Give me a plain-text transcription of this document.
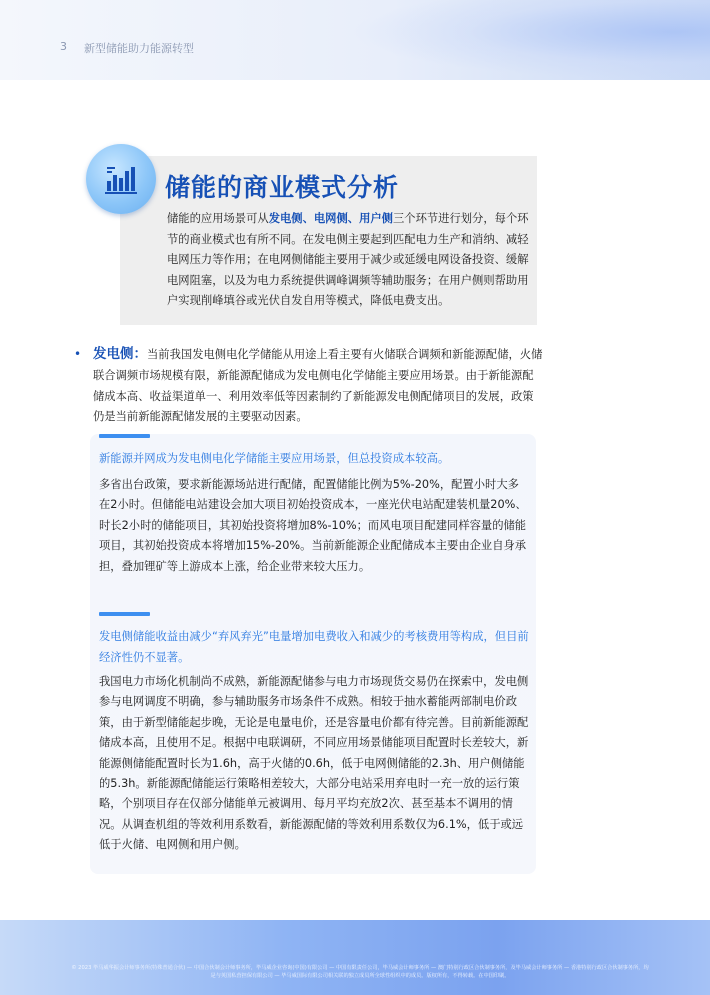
3 新型储能助力能源转型
储能的商业模式分析
储能的应用场景可从发电侧、电网侧、用户侧三个环节进行划分，每个环节的商业模式也有所不同。在发电侧主要起到匹配电力生产和消纳、减轻电网压力等作用；在电网侧储能主要用于减少或延缓电网设备投资、缓解电网阻塞，以及为电力系统提供调峰调频等辅助服务；在用户侧则帮助用户实现削峰填谷或光伏自发自用等模式，降低电费支出。
• 发电侧：当前我国发电侧电化学储能从用途上看主要有火储联合调频和新能源配储，火储联合调频市场规模有限，新能源配储成为发电侧电化学储能主要应用场景。由于新能源配储成本高、收益渠道单一、利用效率低等因素制约了新能源发电侧配储项目的发展，政策仍是当前新能源配储发展的主要驱动因素。
新能源并网成为发电侧电化学储能主要应用场景，但总投资成本较高。
多省出台政策，要求新能源场站进行配储，配置储能比例为5%-20%，配置小时大多在2小时。但储能电站建设会加大项目初始投资成本，一座光伏电站配建装机量20%、时长2小时的储能项目，其初始投资将增加8%-10%；而风电项目配建同样容量的储能项目，其初始投资成本将增加15%-20%。当前新能源企业配储成本主要由企业自身承担，叠加锂矿等上游成本上涨，给企业带来较大压力。
发电侧储能收益由减少“弃风弃光”电量增加电费收入和减少的考核费用等构成，但目前经济性仍不显著。
我国电力市场化机制尚不成熟，新能源配储参与电力市场现货交易仍在探索中，发电侧参与电网调度不明确，参与辅助服务市场条件不成熟。相较于抽水蓄能两部制电价政策，由于新型储能起步晚，无论是电量电价，还是容量电价都有待完善。目前新能源配储成本高，且使用不足。根据中电联调研，不同应用场景储能项目配置时长差较大，新能源侧储能配置时长为1.6h，高于火储的0.6h，低于电网侧储能的2.3h、用户侧储能的5.3h。新能源配储能运行策略相差较大，大部分电站采用弃电时一充一放的运行策略，个别项目存在仅部分储能单元被调用、每月平均充放2次、甚至基本不调用的情况。从调查机组的等效利用系数看，新能源配储的等效利用系数仅为6.1%，低于或远低于火储、电网侧和用户侧。
© 2023 毕马威华振会计师事务所(特殊普通合伙) — 中国合伙制会计师事务所，毕马威企业咨询(中国)有限公司 — 中国有限责任公司，毕马威会计师事务所 — 澳门特别行政区合伙制事务所，及毕马威会计师事务所 — 香港特别行政区合伙制事务所，均是与英国私营担保有限公司 — 毕马威国际有限公司相关联的独立成员所全球性组织中的成员。版权所有，不得转载。在中国印刷。
